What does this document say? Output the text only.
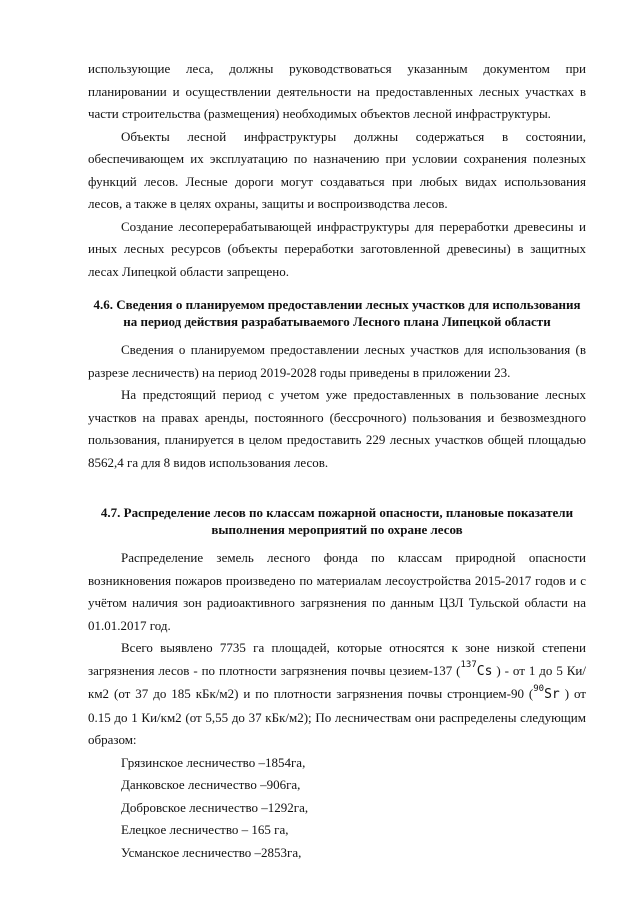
использующие леса, должны руководствоваться указанным документом при
планировании и осуществлении деятельности на предоставленных лесных участках в части строительства (размещения) необходимых объектов лесной инфраструктуры.

Объекты лесной инфраструктуры должны содержаться в состоянии, обеспечивающем их эксплуатацию по назначению при условии сохранения полезных функций лесов. Лесные дороги могут создаваться при любых видах использования лесов, а также в целях охраны, защиты и воспроизводства лесов.

Создание лесоперерабатывающей инфраструктуры для переработки древесины и иных лесных ресурсов (объекты переработки заготовленной древесины) в защитных лесах Липецкой области запрещено.

4.6. Сведения о планируемом предоставлении лесных участков для использования

на период действия разрабатываемого Лесного плана Липецкой области

Сведения о планируемом предоставлении лесных участков для использования (в разрезе лесничеств) на период 2019-2028 годы приведены в приложении 23.

На предстоящий период с учетом уже предоставленных в пользование лесных участков на правах аренды, постоянного (бессрочного) пользования и безвозмездного пользования, планируется в целом предоставить 229 лесных участков общей площадью 8562,4 га для 8 видов использования лесов.

4.7. Распределение лесов по классам пожарной опасности, плановые показатели

выполнения мероприятий по охране лесов

Распределение земель лесного фонда по классам природной опасности возникновения пожаров произведено по материалам лесоустройства 2015-2017 годов и с учётом наличия зон радиоактивного загрязнения по данным ЦЗЛ Тульской области на 01.01.2017 год.

Всего выявлено 7735 га площадей, которые относятся к зоне низкой степени загрязнения лесов - по плотности загрязнения почвы цезием-137 ($^{137}$Cs ) - от 1 до 5 Ки/км2 (от 37 до 185 кБк/м2) и по плотности загрязнения почвы стронцием-90 ($^{90}$Sr ) от 0.15 до 1 Ки/км2 (от 5,55 до 37 кБк/м2); По лесничествам они распределены следующим образом:

Грязинское лесничество –1854га,
Данковское лесничество –906га,
Добровское лесничество –1292га,
Елецкое лесничество – 165 га,
Усманское лесничество –2853га,
